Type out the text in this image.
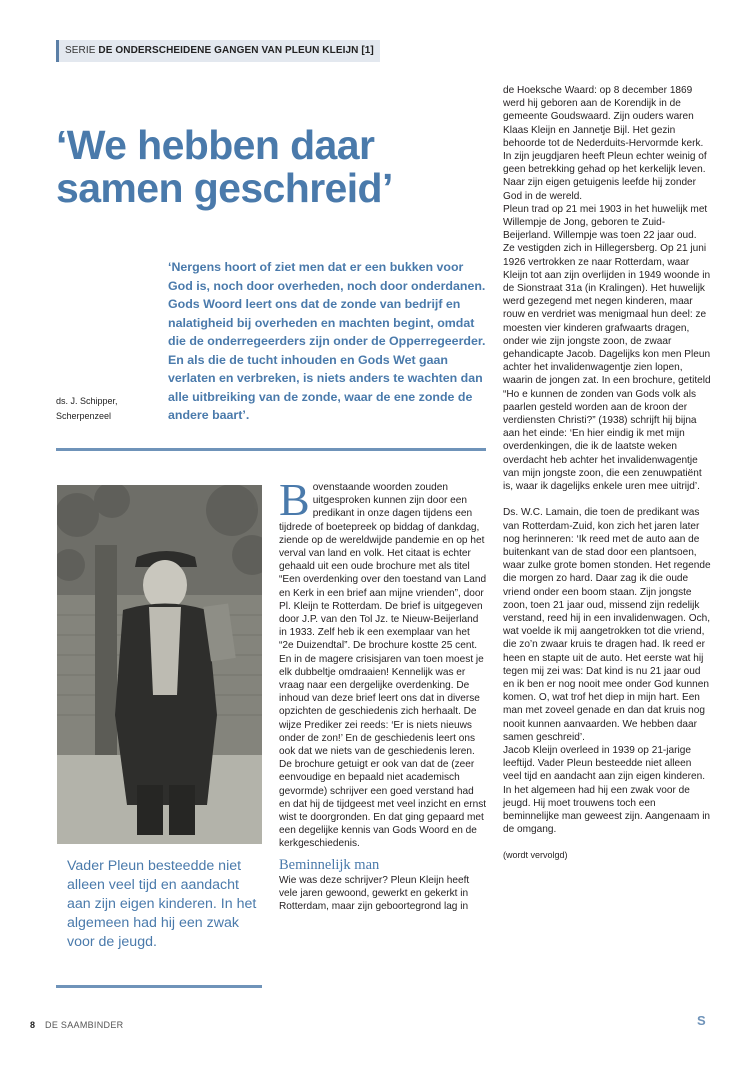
SERIE DE ONDERSCHEIDENE GANGEN VAN PLEUN KLEIJN [1]
‘We hebben daar
samen geschreid’
‘Nergens hoort of ziet men dat er een bukken voor God is, noch door overheden, noch door onderdanen. Gods Woord leert ons dat de zonde van bedrijf en nalatigheid bij overheden en machten begint, omdat die de onderregeerders zijn onder de Opperregeerder. En als die de tucht inhouden en Gods Wet gaan verlaten en verbreken, is niets anders te wachten dan alle uitbreiking van de zonde, waar de ene zonde de andere baart’.
ds. J. Schipper,
Scherpenzeel
Vader Pleun besteedde niet alleen veel tijd en aandacht aan zijn eigen kinderen. In het algemeen had hij een zwak voor de jeugd.

Bovenstaande woorden zouden uitgesproken kunnen zijn door een predikant in onze dagen tijdens een tijdrede of boetepreek op biddag of dankdag, ziende op de wereldwijde pandemie en op het verval van land en volk. Het citaat is echter gehaald uit een oude brochure met als titel “Een overdenking over den toestand van Land en Kerk in een brief aan mijne vrienden”, door Pl. Kleijn te Rotterdam. De brief is uitgegeven door J.P. van den Tol Jz. te Nieuw-Beijerland in 1933. Zelf heb ik een exemplaar van het “2e Duizendtal”. De brochure kostte 25 cent. En in de magere crisisjaren van toen moest je elk dubbeltje omdraaien! Kennelijk was er vraag naar een dergelijke overdenking. De inhoud van deze brief leert ons dat in diverse opzichten de geschiedenis zich herhaalt. De wijze Prediker zei reeds: ‘Er is niets nieuws onder de zon!’ En de geschiedenis leert ons ook dat we niets van de geschiedenis leren. De brochure getuigt er ook van dat de (zeer eenvoudige en bepaald niet academisch gevormde) schrijver een goed verstand had en dat hij de tijdgeest met veel inzicht en ernst wist te doorgronden. En dat ging gepaard met een degelijke kennis van Gods Woord en de kerkgeschiedenis.

Beminnelijk man

Wie was deze schrijver? Pleun Kleijn heeft vele jaren gewoond, gewerkt en gekerkt in Rotterdam, maar zijn geboortegrond lag in

de Hoeksche Waard: op 8 december 1869 werd hij geboren aan de Korendijk in de gemeente Goudswaard. Zijn ouders waren Klaas Kleijn en Jannetje Bijl. Het gezin behoorde tot de Nederduits-Hervormde kerk. In zijn jeugdjaren heeft Pleun echter weinig of geen betrekking gehad op het kerkelijk leven. Naar zijn eigen getuigenis leefde hij zonder God in de wereld.

Pleun trad op 21 mei 1903 in het huwelijk met Willempje de Jong, geboren te Zuid-Beijerland. Willempje was toen 22 jaar oud. Ze vestigden zich in Hillegersberg. Op 21 juni 1926 vertrokken ze naar Rotterdam, waar Kleijn tot aan zijn overlijden in 1949 woonde in de Sionstraat 31a (in Kralingen). Het huwelijk werd gezegend met negen kinderen, maar rouw en verdriet was menigmaal hun deel: ze moesten vier kinderen grafwaarts dragen, onder wie zijn jongste zoon, de zwaar gehandicapte Jacob. Dagelijks kon men Pleun achter het invalidenwagentje zien lopen, waarin de jongen zat. In een brochure, getiteld “Ho e kunnen de zonden van Gods volk als paarlen gesteld worden aan de kroon der verdiensten Christi?” (1938) schrijft hij bijna aan het einde: ‘En hier eindig ik met mijn overdenkingen, die ik de laatste weken overdacht heb achter het invalidenwagentje van mijn jongste zoon, die een zenuwpatiënt is, waar ik dagelijks enkele uren mee uitrijd’.

Ds. W.C. Lamain, die toen de predikant was van Rotterdam-Zuid, kon zich het jaren later nog herinneren: ‘Ik reed met de auto aan de buitenkant van de stad door een plantsoen, waar zulke grote bomen stonden. Het regende die morgen zo hard. Daar zag ik die oude vriend onder een boom staan. Zijn jongste zoon, toen 21 jaar oud, missend zijn redelijk verstand, reed hij in een invalidenwagen. Och, wat voelde ik mij aangetrokken tot die vriend, die zo’n zwaar kruis te dragen had. Ik reed er heen en stapte uit de auto. Het eerste wat hij tegen mij zei was: Dat kind is nu 21 jaar oud en ik ben er nog nooit mee onder God kunnen komen. O, wat trof het diep in mijn hart. Een man met zoveel genade en dan dat kruis nog nooit kunnen aanvaarden. We hebben daar samen geschreid’.

Jacob Kleijn overleed in 1939 op 21-jarige leeftijd. Vader Pleun besteedde niet alleen veel tijd en aandacht aan zijn eigen kinderen. In het algemeen had hij een zwak voor de jeugd. Hij moet trouwens toch een beminnelijke man geweest zijn. Aangenaam in de omgang.

(wordt vervolgd)

S
8 DE SAAMBINDER
